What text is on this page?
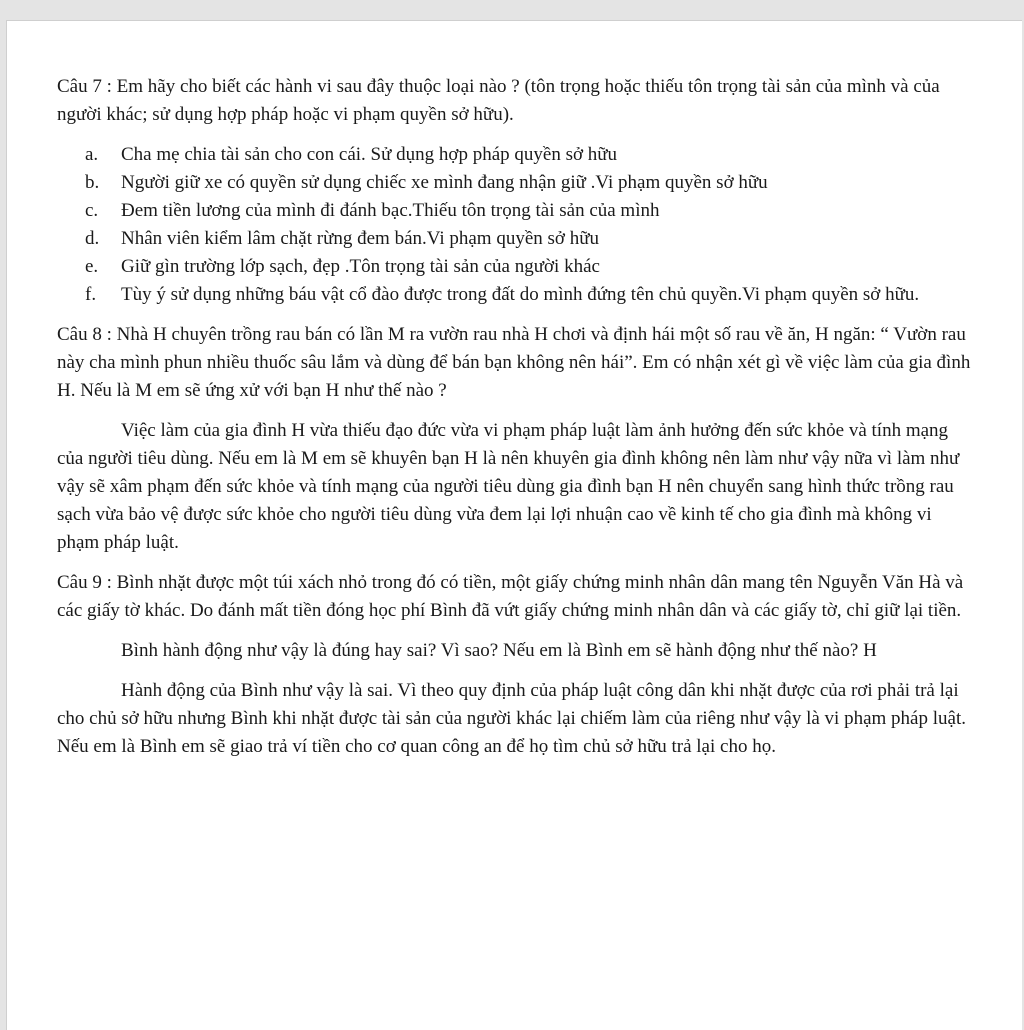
Câu 7 : Em hãy cho biết các hành vi sau đây thuộc loại nào ? (tôn trọng hoặc thiếu tôn trọng tài sản của mình và của người khác; sử dụng hợp pháp hoặc vi phạm quyền sở hữu).

a. Cha mẹ chia tài sản cho con cái. Sử dụng hợp pháp quyền sở hữu
b. Người giữ xe có quyền sử dụng chiếc xe mình đang nhận giữ .Vi phạm quyền sở hữu
c. Đem tiền lương của mình đi đánh bạc.Thiếu tôn trọng tài sản của mình
d. Nhân viên kiểm lâm chặt rừng đem bán.Vi phạm quyền sở hữu
e. Giữ gìn trường lớp sạch, đẹp .Tôn trọng tài sản của người khác
f. Tùy ý sử dụng những báu vật cổ đào được trong đất do mình đứng tên chủ quyền.Vi phạm quyền sở hữu.

Câu 8 : Nhà H chuyên trồng rau bán có lần M ra vườn rau nhà H chơi và định hái một số rau về ăn, H ngăn: “ Vườn rau này cha mình phun nhiều thuốc sâu lắm và dùng để bán bạn không nên hái”. Em có nhận xét gì về việc làm của gia đình H. Nếu là M em sẽ ứng xử với bạn H như thế nào ?

Việc làm của gia đình H vừa thiếu đạo đức vừa vi phạm pháp luật làm ảnh hưởng đến sức khỏe và tính mạng của người tiêu dùng. Nếu em là M em sẽ khuyên bạn H là nên khuyên gia đình không nên làm như vậy nữa vì làm như vậy sẽ xâm phạm đến sức khỏe và tính mạng của người tiêu dùng gia đình bạn H nên chuyển sang hình thức trồng rau sạch vừa bảo vệ được sức khỏe cho người tiêu dùng vừa đem lại lợi nhuận cao về kinh tế cho gia đình mà không vi phạm pháp luật.

Câu 9 : Bình nhặt được một túi xách nhỏ trong đó có tiền, một giấy chứng minh nhân dân mang tên Nguyễn Văn Hà và các giấy tờ khác. Do đánh mất tiền đóng học phí Bình đã vứt giấy chứng minh nhân dân và các giấy tờ, chỉ giữ lại tiền.

Bình hành động như vậy là đúng hay sai? Vì sao? Nếu em là Bình em sẽ hành động như thế nào? H

Hành động của Bình như vậy là sai. Vì theo quy định của pháp luật công dân khi nhặt được của rơi phải trả lại cho chủ sở hữu nhưng Bình khi nhặt được tài sản của người khác lại chiếm làm của riêng như vậy là vi phạm pháp luật. Nếu em là Bình em sẽ giao trả ví tiền cho cơ quan công an để họ tìm chủ sở hữu trả lại cho họ.
